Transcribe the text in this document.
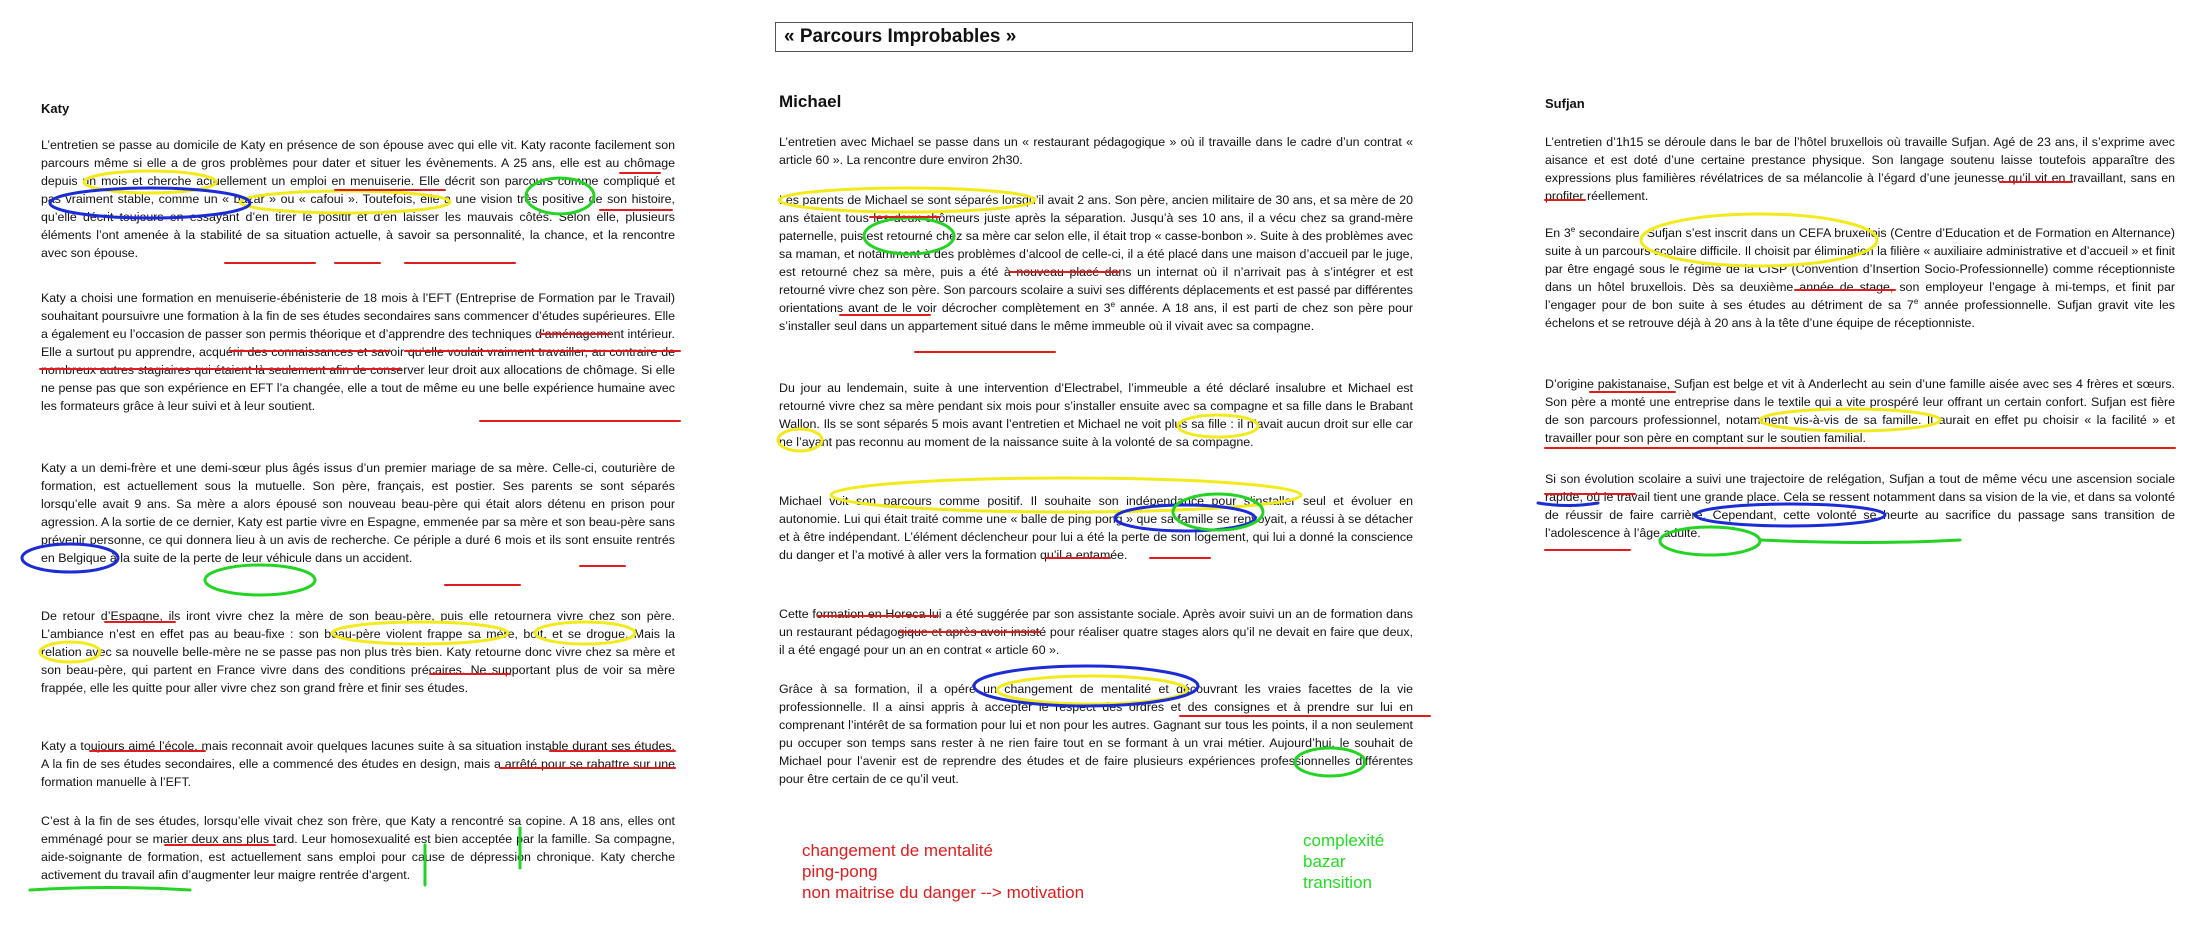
« Parcours Improbables »
Katy

L’entretien se passe au domicile de Katy en présence de son épouse avec qui elle vit. Katy raconte facilement son parcours même si elle a de gros problèmes pour dater et situer les évènements. A 25 ans, elle est au chômage depuis un mois et cherche actuellement un emploi en menuiserie. Elle décrit son parcours comme compliqué et pas vraiment stable, comme un « bazar » ou « cafoui ». Toutefois, elle a une vision très positive de son histoire, qu’elle décrit toujours en essayant d’en tirer le positif et d’en laisser les mauvais côtés. Selon elle, plusieurs éléments l’ont amenée à la stabilité de sa situation actuelle, à savoir sa personnalité, la chance, et la rencontre avec son épouse.

Katy a choisi une formation en menuiserie-ébénisterie de 18 mois à l’EFT (Entreprise de Formation par le Travail) souhaitant poursuivre une formation à la fin de ses études secondaires sans commencer d’études supérieures. Elle a également eu l’occasion de passer son permis théorique et d’apprendre des techniques d’aménagement intérieur. Elle a surtout pu apprendre, acquérir des connaissances et savoir qu’elle voulait vraiment travailler, au contraire de nombreux autres stagiaires qui étaient là seulement afin de conserver leur droit aux allocations de chômage. Si elle ne pense pas que son expérience en EFT l’a changée, elle a tout de même eu une belle expérience humaine avec les formateurs grâce à leur suivi et à leur soutient.

Katy a un demi-frère et une demi-sœur plus âgés issus d’un premier mariage de sa mère. Celle-ci, couturière de formation, est actuellement sous la mutuelle. Son père, français, est postier. Ses parents se sont séparés lorsqu’elle avait 9 ans. Sa mère a alors épousé son nouveau beau-père qui était alors détenu en prison pour agression. A la sortie de ce dernier, Katy est partie vivre en Espagne, emmenée par sa mère et son beau-père sans prévenir personne, ce qui donnera lieu à un avis de recherche. Ce périple a duré 6 mois et ils sont ensuite rentrés en Belgique à la suite de la perte de leur véhicule dans un accident.

De retour d’Espagne, ils iront vivre chez la mère de son beau-père, puis elle retournera vivre chez son père. L’ambiance n’est en effet pas au beau-fixe : son beau-père violent frappe sa mère, boit, et se drogue. Mais la relation avec sa nouvelle belle-mère ne se passe pas non plus très bien. Katy retourne donc vivre chez sa mère et son beau-père, qui partent en France vivre dans des conditions précaires. Ne supportant plus de voir sa mère frappée, elle les quitte pour aller vivre chez son grand frère et finir ses études.

Katy a toujours aimé l’école, mais reconnait avoir quelques lacunes suite à sa situation instable durant ses études. A la fin de ses études secondaires, elle a commencé des études en design, mais a arrêté pour se rabattre sur une formation manuelle à l’EFT.

C’est à la fin de ses études, lorsqu’elle vivait chez son frère, que Katy a rencontré sa copine. A 18 ans, elles ont emménagé pour se marier deux ans plus tard. Leur homosexualité est bien acceptée par la famille. Sa compagne, aide-soignante de formation, est actuellement sans emploi pour cause de dépression chronique. Katy cherche activement du travail afin d’augmenter leur maigre rentrée d’argent.

Michael

L’entretien avec Michael se passe dans un « restaurant pédagogique » où il travaille dans le cadre d’un contrat « article 60 ». La rencontre dure environ 2h30.

Les parents de Michael se sont séparés lorsqu’il avait 2 ans. Son père, ancien militaire de 30 ans, et sa mère de 20 ans étaient tous les deux chômeurs juste après la séparation. Jusqu’à ses 10 ans, il a vécu chez sa grand-mère paternelle, puis est retourné chez sa mère car selon elle, il était trop « casse-bonbon ». Suite à des problèmes avec sa maman, et notamment à des problèmes d’alcool de celle-ci, il a été placé dans une maison d’accueil par le juge, est retourné chez sa mère, puis a été à nouveau placé dans un internat où il n’arrivait pas à s’intégrer et est retourné vivre chez son père. Son parcours scolaire a suivi ses différents déplacements et est passé par différentes orientations avant de le voir décrocher complètement en 3e année. A 18 ans, il est parti de chez son père pour s’installer seul dans un appartement situé dans le même immeuble où il vivait avec sa compagne.

Du jour au lendemain, suite à une intervention d’Electrabel, l’immeuble a été déclaré insalubre et Michael est retourné vivre chez sa mère pendant six mois pour s’installer ensuite avec sa compagne et sa fille dans le Brabant Wallon. Ils se sont séparés 5 mois avant l’entretien et Michael ne voit plus sa fille : il n’avait aucun droit sur elle car ne l’ayant pas reconnu au moment de la naissance suite à la volonté de sa compagne.

Michael voit son parcours comme positif. Il souhaite son indépendance pour s’installer seul et évoluer en autonomie. Lui qui était traité comme une « balle de ping pong » que sa famille se renvoyait, a réussi à se détacher et à être indépendant. L’élément déclencheur pour lui a été la perte de son logement, qui lui a donné la conscience du danger et l’a motivé à aller vers la formation qu’il a entamée.

Cette formation en Horeca lui a été suggérée par son assistante sociale. Après avoir suivi un an de formation dans un restaurant pédagogique et après avoir insisté pour réaliser quatre stages alors qu’il ne devait en faire que deux, il a été engagé pour un an en contrat « article 60 ».

Grâce à sa formation, il a opéré un changement de mentalité et découvrant les vraies facettes de la vie professionnelle. Il a ainsi appris à accepter le respect des ordres et des consignes et à prendre sur lui en comprenant l’intérêt de sa formation pour lui et non pour les autres. Gagnant sur tous les points, il a non seulement pu occuper son temps sans rester à ne rien faire tout en se formant à un vrai métier. Aujourd’hui, le souhait de Michael pour l’avenir est de reprendre des études et de faire plusieurs expériences professionnelles différentes pour être certain de ce qu’il veut.

Sufjan

L’entretien d’1h15 se déroule dans le bar de l’hôtel bruxellois où travaille Sufjan. Agé de 23 ans, il s’exprime avec aisance et est doté d’une certaine prestance physique. Son langage soutenu laisse toutefois apparaître des expressions plus familières révélatrices de sa mélancolie à l’égard d’une jeunesse qu’il vit en travaillant, sans en profiter réellement.

En 3e secondaire, Sufjan s’est inscrit dans un CEFA bruxellois (Centre d’Education et de Formation en Alternance) suite à un parcours scolaire difficile. Il choisit par élimination la filière « auxiliaire administrative et d’accueil » et finit par être engagé sous le régime de la CISP (Convention d’Insertion Socio-Professionnelle) comme réceptionniste dans un hôtel bruxellois. Dès sa deuxième année de stage, son employeur l’engage à mi-temps, et finit par l’engager pour de bon suite à ses études au détriment de sa 7e année professionnelle. Sufjan gravit vite les échelons et se retrouve déjà à 20 ans à la tête d’une équipe de réceptionniste.

D’origine pakistanaise, Sufjan est belge et vit à Anderlecht au sein d’une famille aisée avec ses 4 frères et sœurs. Son père a monté une entreprise dans le textile qui a vite prospéré leur offrant un certain confort. Sufjan est fière de son parcours professionnel, notamment vis-à-vis de sa famille. Il aurait en effet pu choisir « la facilité » et travailler pour son père en comptant sur le soutien familial.

Si son évolution scolaire a suivi une trajectoire de relégation, Sufjan a tout de même vécu une ascension sociale rapide, où le travail tient une grande place. Cela se ressent notamment dans sa vision de la vie, et dans sa volonté de réussir de faire carrière. Cependant, cette volonté se heurte au sacrifice du passage sans transition de l’adolescence à l’âge adulte.

changement de mentalité
ping-pong
non maitrise du danger --> motivation
complexité
bazar
transition
